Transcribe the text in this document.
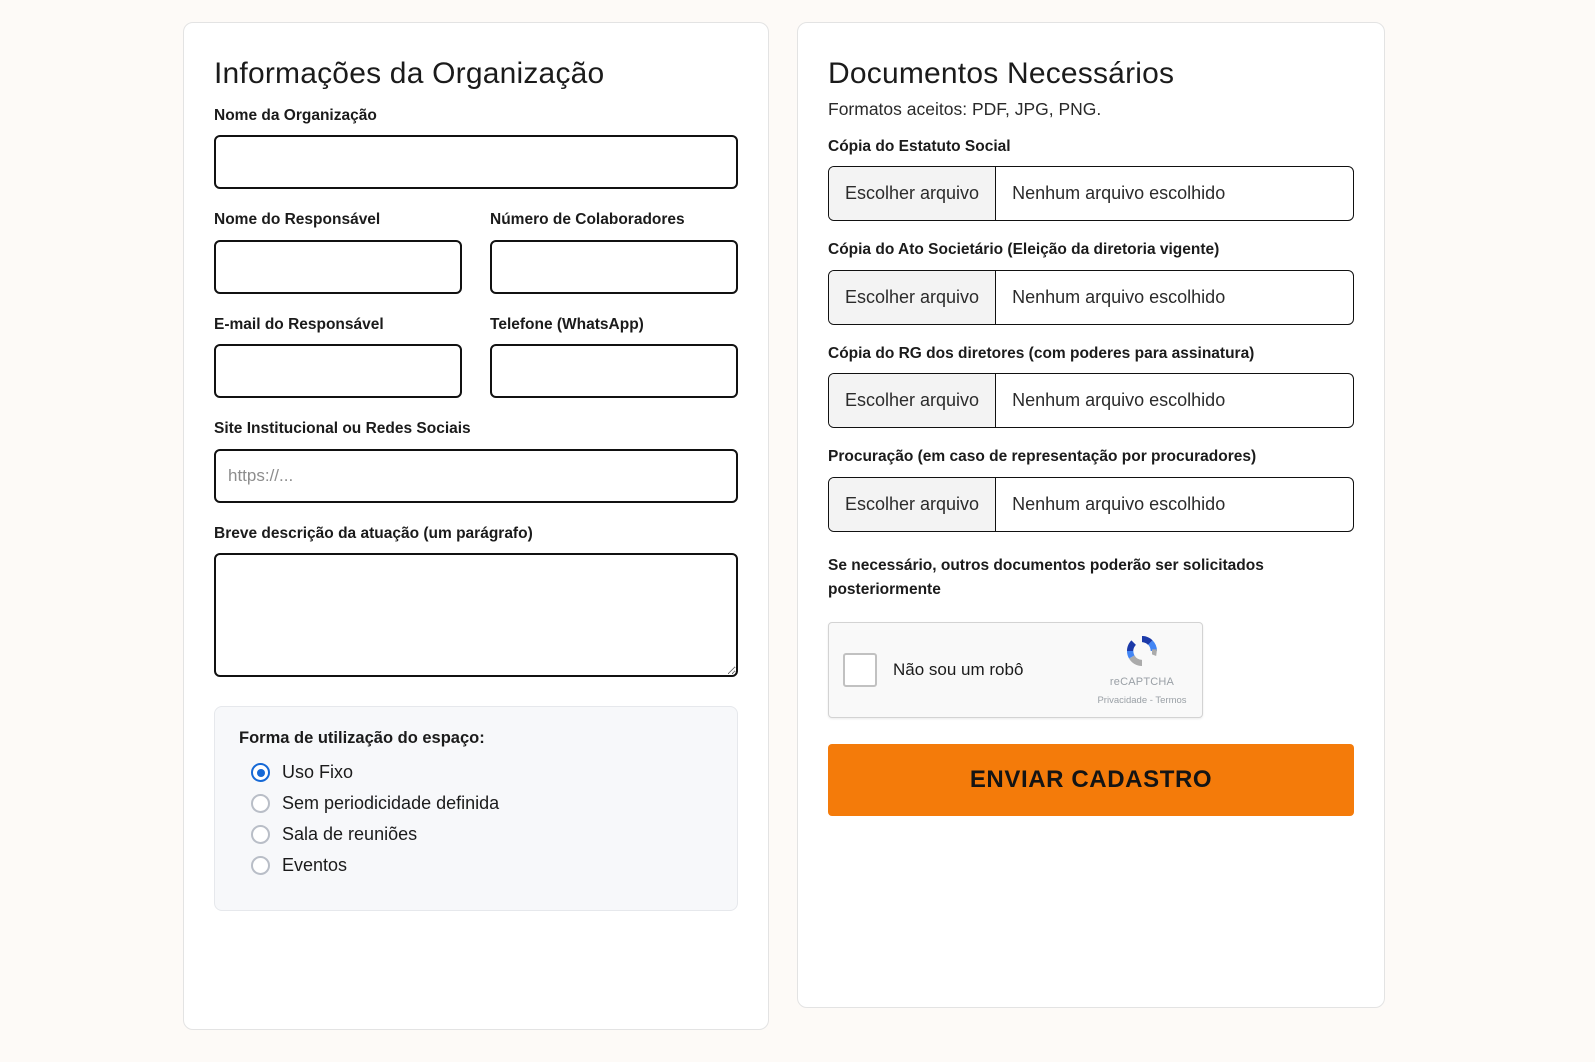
Informações da Organização
Nome da Organização
Nome do Responsável	Número de Colaboradores
E-mail do Responsável	Telefone (WhatsApp)
Site Institucional ou Redes Sociais
https://...
Breve descrição da atuação (um parágrafo)
Forma de utilização do espaço:
Uso Fixo
Sem periodicidade definida
Sala de reuniões
Eventos
Documentos Necessários

Formatos aceitos: PDF, JPG, PNG.

Cópia do Estatuto Social
Escolher arquivo	Nenhum arquivo escolhido
Cópia do Ato Societário (Eleição da diretoria vigente)
Escolher arquivo	Nenhum arquivo escolhido
Cópia do RG dos diretores (com poderes para assinatura)
Escolher arquivo	Nenhum arquivo escolhido
Procuração (em caso de representação por procuradores)
Escolher arquivo	Nenhum arquivo escolhido

Se necessário, outros documentos poderão ser solicitados posteriormente

Não sou um robô
reCAPTCHA Privacidade - Termos
ENVIAR CADASTRO
